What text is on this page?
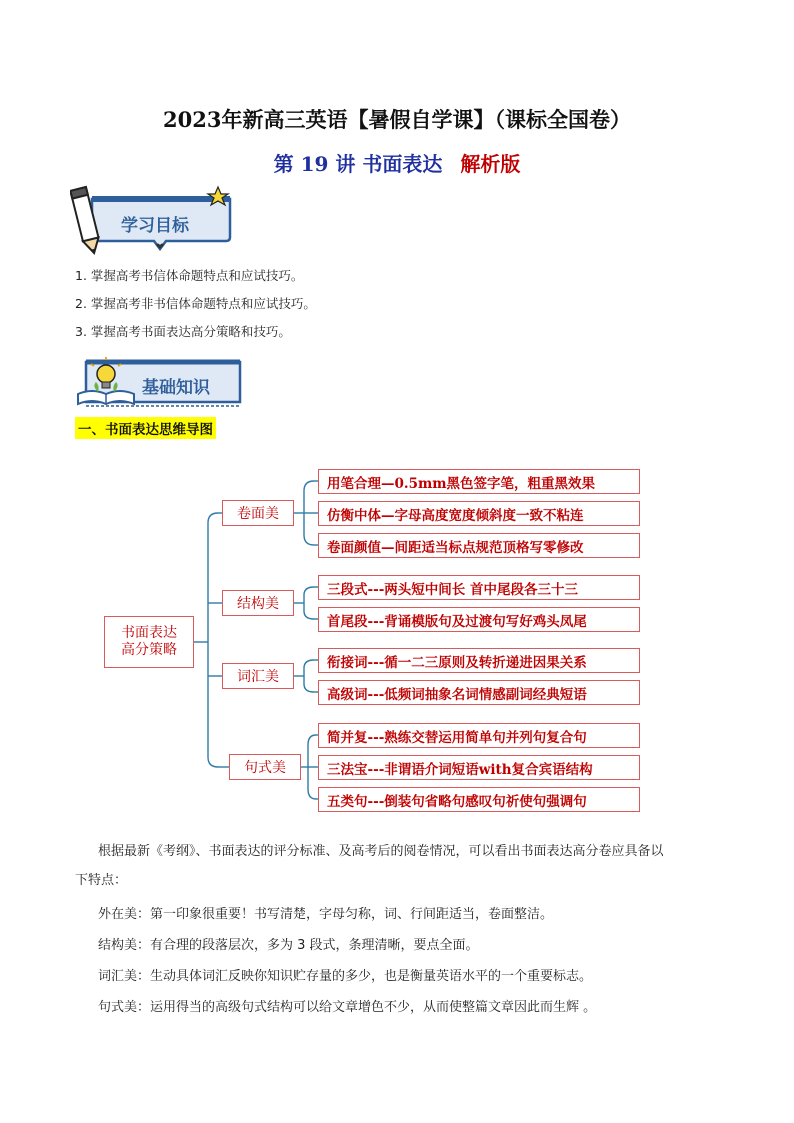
2023年新高三英语【暑假自学课】（课标全国卷）
第 19 讲 书面表达 解析版
学习目标
1. 掌握高考书信体命题特点和应试技巧。
2. 掌握高考非书信体命题特点和应试技巧。
3. 掌握高考书面表达高分策略和技巧。
基础知识
一、书面表达思维导图
书面表达
高分策略
卷面美
结构美
词汇美
句式美
用笔合理—0.5mm黑色签字笔，粗重黑效果
仿衡中体—字母高度宽度倾斜度一致不粘连
卷面颜值—间距适当标点规范顶格写零修改
三段式---两头短中间长 首中尾段各三十三
首尾段---背诵模版句及过渡句写好鸡头凤尾
衔接词---循一二三原则及转折递进因果关系
高级词---低频词抽象名词情感副词经典短语
简并复---熟练交替运用简单句并列句复合句
三法宝---非谓语介词短语with复合宾语结构
五类句---倒装句省略句感叹句祈使句强调句
根据最新《考纲》、书面表达的评分标准、及高考后的阅卷情况，可以看出书面表达高分卷应具备以
下特点：
外在美：第一印象很重要！书写清楚，字母匀称，词、行间距适当，卷面整洁。
结构美：有合理的段落层次，多为 3 段式，条理清晰，要点全面。
词汇美：生动具体词汇反映你知识贮存量的多少，也是衡量英语水平的一个重要标志。
句式美：运用得当的高级句式结构可以给文章增色不少，从而使整篇文章因此而生辉 。
